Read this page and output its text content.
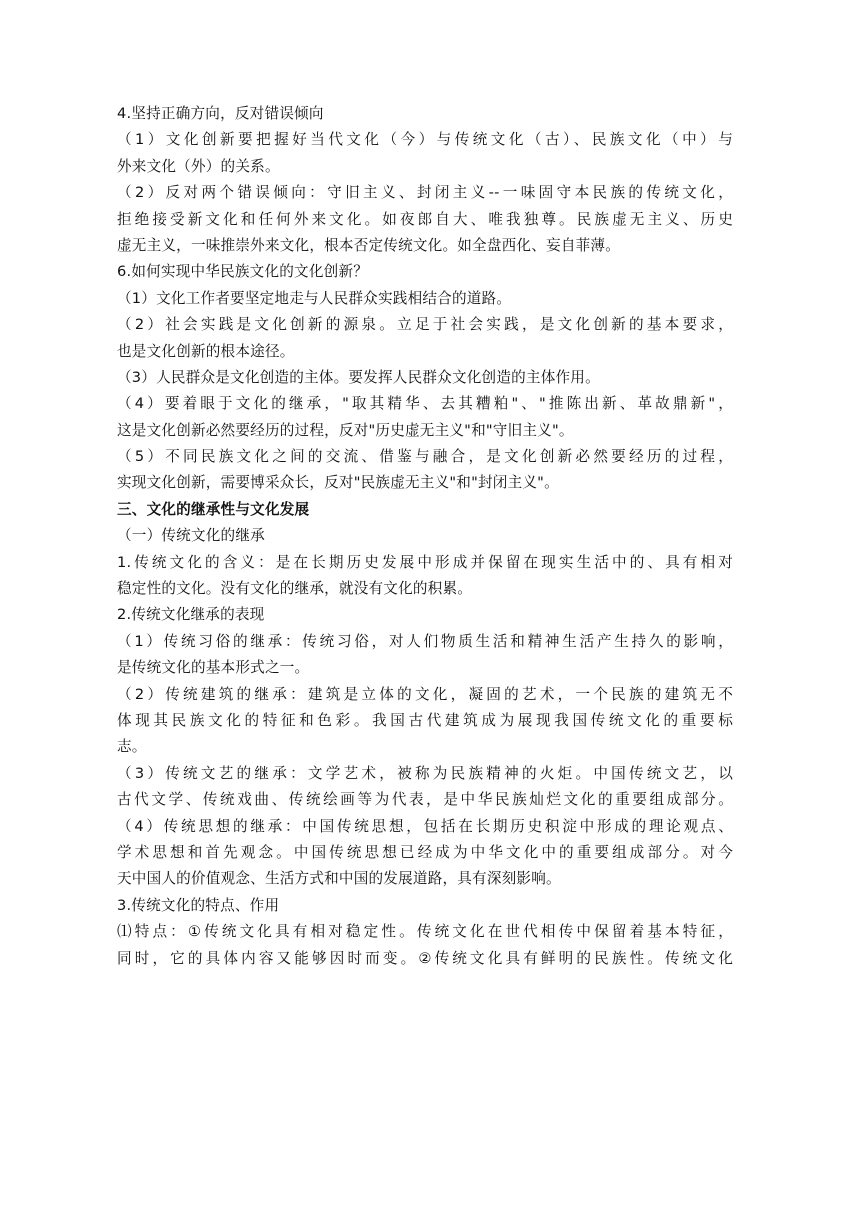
4.坚持正确方向，反对错误倾向
（1）文化创新要把握好当代文化（今）与传统文化（古）、民族文化（中）与
外来文化（外）的关系。
（2）反对两个错误倾向：守旧主义、封闭主义--一味固守本民族的传统文化，
拒绝接受新文化和任何外来文化。如夜郎自大、唯我独尊。民族虚无主义、历史
虚无主义，一味推崇外来文化，根本否定传统文化。如全盘西化、妄自菲薄。
6.如何实现中华民族文化的文化创新？
（1）文化工作者要坚定地走与人民群众实践相结合的道路。
（2）社会实践是文化创新的源泉。立足于社会实践，是文化创新的基本要求，
也是文化创新的根本途径。
（3）人民群众是文化创造的主体。要发挥人民群众文化创造的主体作用。
（4）要着眼于文化的继承，"取其精华、去其糟粕"、"推陈出新、革故鼎新"，
这是文化创新必然要经历的过程，反对"历史虚无主义"和"守旧主义"。
（5）不同民族文化之间的交流、借鉴与融合，是文化创新必然要经历的过程，
实现文化创新，需要博采众长，反对"民族虚无主义"和"封闭主义"。
三、文化的继承性与文化发展
（一）传统文化的继承
1.传统文化的含义：是在长期历史发展中形成并保留在现实生活中的、具有相对
稳定性的文化。没有文化的继承，就没有文化的积累。
2.传统文化继承的表现
（1）传统习俗的继承：传统习俗，对人们物质生活和精神生活产生持久的影响，
是传统文化的基本形式之一。
（2）传统建筑的继承：建筑是立体的文化，凝固的艺术，一个民族的建筑无不
体现其民族文化的特征和色彩。我国古代建筑成为展现我国传统文化的重要标
志。
（3）传统文艺的继承：文学艺术，被称为民族精神的火炬。中国传统文艺，以
古代文学、传统戏曲、传统绘画等为代表，是中华民族灿烂文化的重要组成部分。
（4）传统思想的继承：中国传统思想，包括在长期历史积淀中形成的理论观点、
学术思想和首先观念。中国传统思想已经成为中华文化中的重要组成部分。对今
天中国人的价值观念、生活方式和中国的发展道路，具有深刻影响。
3.传统文化的特点、作用
⑴特点：①传统文化具有相对稳定性。传统文化在世代相传中保留着基本特征，
同时，它的具体内容又能够因时而变。②传统文化具有鲜明的民族性。传统文化
